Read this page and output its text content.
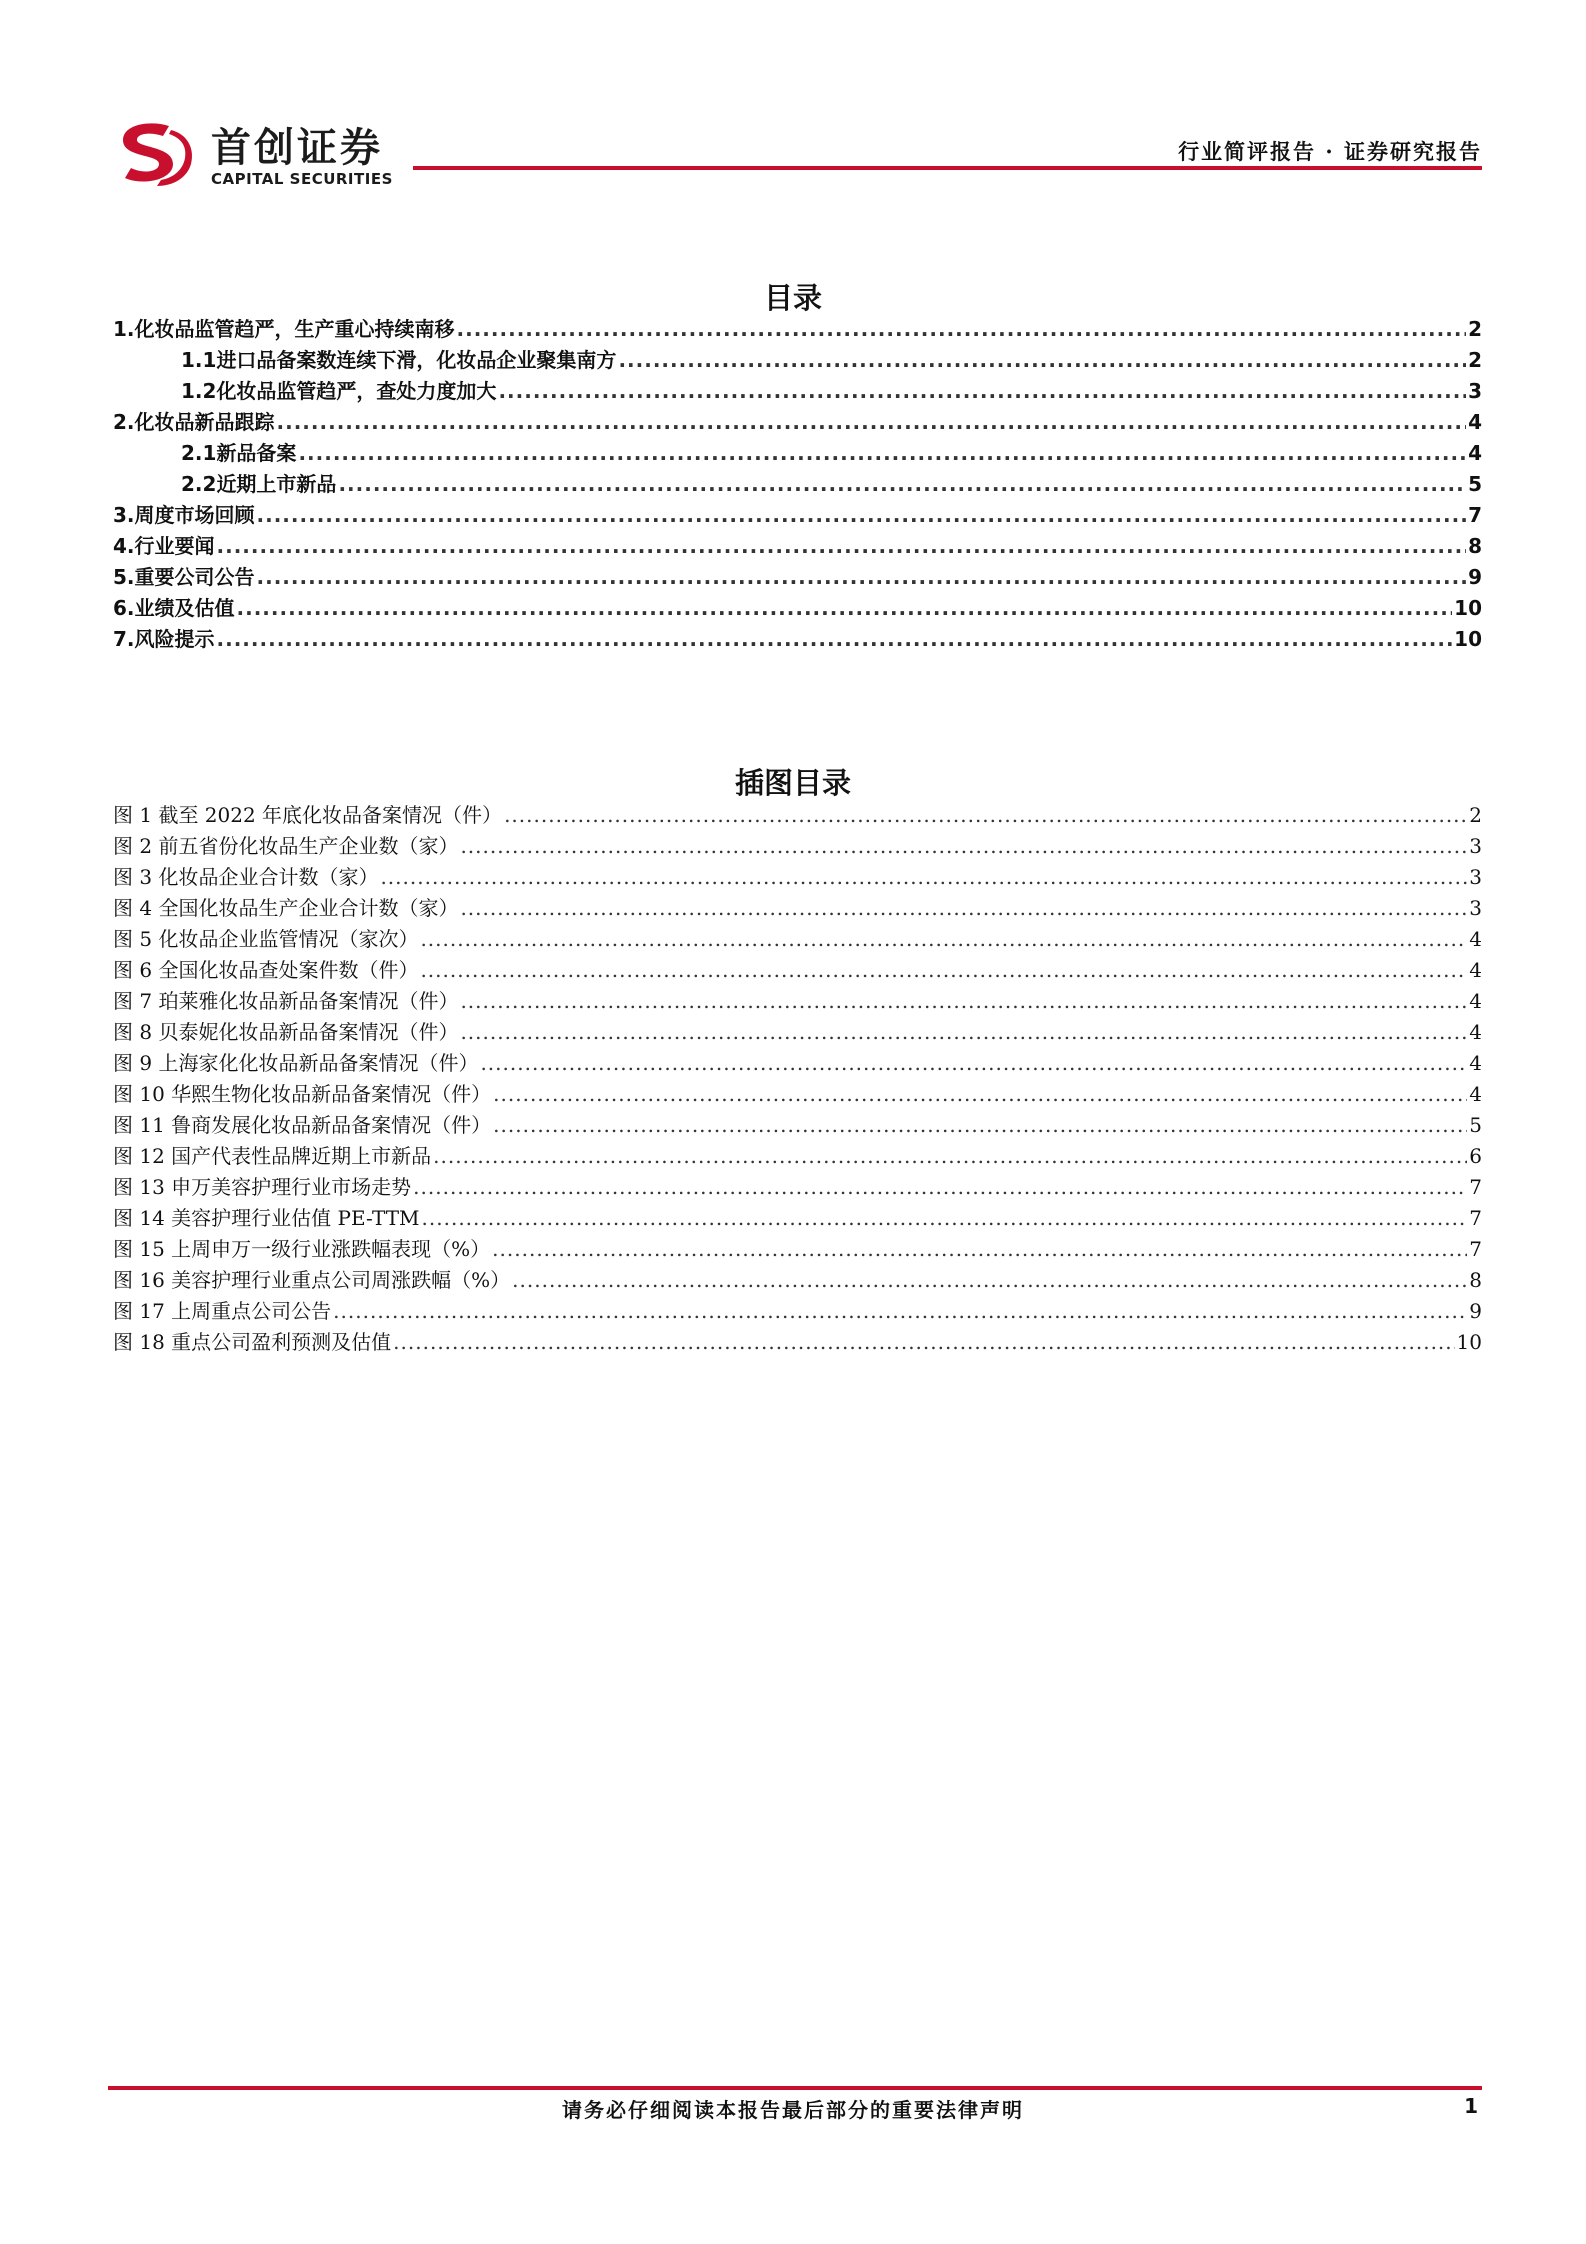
首创证券
CAPITAL SECURITIES
行业简评报告 · 证券研究报告
目录
1. 化妆品监管趋严，生产重心持续南移 .....	2
1.1 进口品备案数连续下滑，化妆品企业聚集南方 .....	2
1.2 化妆品监管趋严，查处力度加大 .....	3
2. 化妆品新品跟踪 .....	4
2.1 新品备案 .....	4
2.2 近期上市新品 .....	5
3. 周度市场回顾 .....	7
4. 行业要闻 .....	8
5. 重要公司公告 .....	9
6. 业绩及估值 .....	10
7. 风险提示 .....	10
插图目录
图 1 截至 2022 年底化妆品备案情况（件） .....	2
图 2 前五省份化妆品生产企业数（家） .....	3
图 3 化妆品企业合计数（家） .....	3
图 4 全国化妆品生产企业合计数（家） .....	3
图 5 化妆品企业监管情况（家次） .....	4
图 6 全国化妆品查处案件数（件） .....	4
图 7 珀莱雅化妆品新品备案情况（件） .....	4
图 8 贝泰妮化妆品新品备案情况（件） .....	4
图 9 上海家化化妆品新品备案情况（件） .....	4
图 10 华熙生物化妆品新品备案情况（件） .....	4
图 11 鲁商发展化妆品新品备案情况（件） .....	5
图 12 国产代表性品牌近期上市新品 .....	6
图 13 申万美容护理行业市场走势 .....	7
图 14 美容护理行业估值 PE-TTM .....	7
图 15 上周申万一级行业涨跌幅表现（%） .....	7
图 16 美容护理行业重点公司周涨跌幅（%） .....	8
图 17 上周重点公司公告 .....	9
图 18 重点公司盈利预测及估值 .....	10
请务必仔细阅读本报告最后部分的重要法律声明	1
